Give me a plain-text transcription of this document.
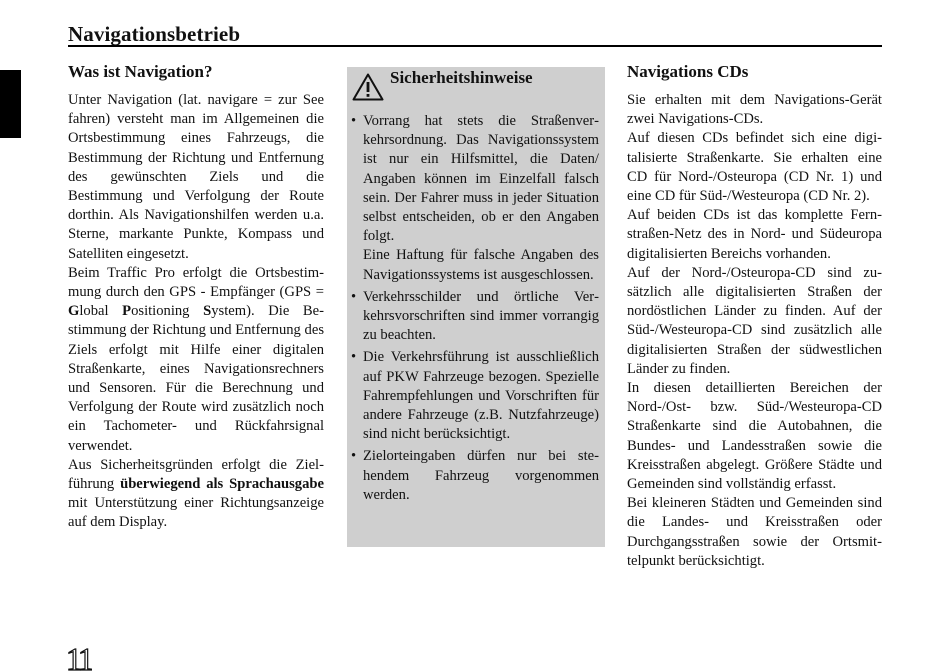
Navigationsbetrieb
Was ist Navigation?

Unter Navigation (lat. navigare = zur See fahren) versteht man im Allgemeinen die Ortsbestimmung eines Fahrzeugs, die Bestimmung der Richtung und Entfernung des gewünschten Ziels und die Bestimmung und Verfolgung der Route dorthin. Als Navigationshilfen werden u.a. Sterne, markante Punkte, Kompass und Satelliten eingesetzt.

Beim Traffic Pro erfolgt die Ortsbestimmung durch den GPS - Empfänger (GPS = Global Positioning System). Die Bestimmung der Richtung und Entfernung des Ziels erfolgt mit Hilfe einer digitalen Straßenkarte, eines Navigationsrechners und Sensoren. Für die Berechnung und Verfolgung der Route wird zusätzlich noch ein Tachometer- und Rückfahrsignal verwendet.

Aus Sicherheitsgründen erfolgt die Zielführung überwiegend als Sprachausgabe mit Unterstützung einer Richtungsanzeige auf dem Display.

Sicherheitshinweise
• Vorrang hat stets die Straßenverkehrsordnung. Das Navigationssystem ist nur ein Hilfsmittel, die Daten/ Angaben können im Einzelfall falsch sein. Der Fahrer muss in jeder Situation selbst entscheiden, ob er den Angaben folgt.
Eine Haftung für falsche Angaben des Navigationssystems ist ausgeschlossen.
• Verkehrsschilder und örtliche Verkehrsvorschriften sind immer vorrangig zu beachten.
• Die Verkehrsführung ist ausschließlich auf PKW Fahrzeuge bezogen. Spezielle Fahrempfehlungen und Vorschriften für andere Fahrzeuge (z.B. Nutzfahrzeuge) sind nicht berücksichtigt.
• Zielorteingaben dürfen nur bei stehendem Fahrzeug vorgenommen werden.
Navigations CDs

Sie erhalten mit dem Navigations-Gerät zwei Navigations-CDs.

Auf diesen CDs befindet sich eine digitalisierte Straßenkarte. Sie erhalten eine CD für Nord-/Osteuropa (CD Nr. 1) und eine CD für Süd-/Westeuropa (CD Nr. 2).

Auf beiden CDs ist das komplette Fernstraßen-Netz des in Nord- und Südeuropa digitalisierten Bereichs vorhanden.

Auf der Nord-/Osteuropa-CD sind zusätzlich alle digitalisierten Straßen der nordöstlichen Länder zu finden. Auf der Süd-/Westeuropa-CD sind zusätzlich alle digitalisierten Straßen der südwestlichen Länder zu finden.

In diesen detaillierten Bereichen der Nord-/Ost- bzw. Süd-/Westeuropa-CD Straßenkarte sind die Autobahnen, die Bundes- und Landesstraßen sowie die Kreisstraßen abgelegt. Größere Städte und Gemeinden sind vollständig erfasst.

Bei kleineren Städten und Gemeinden sind die Landes- und Kreisstraßen oder Durchgangsstraßen sowie der Ortsmittelpunkt berücksichtigt.

11
